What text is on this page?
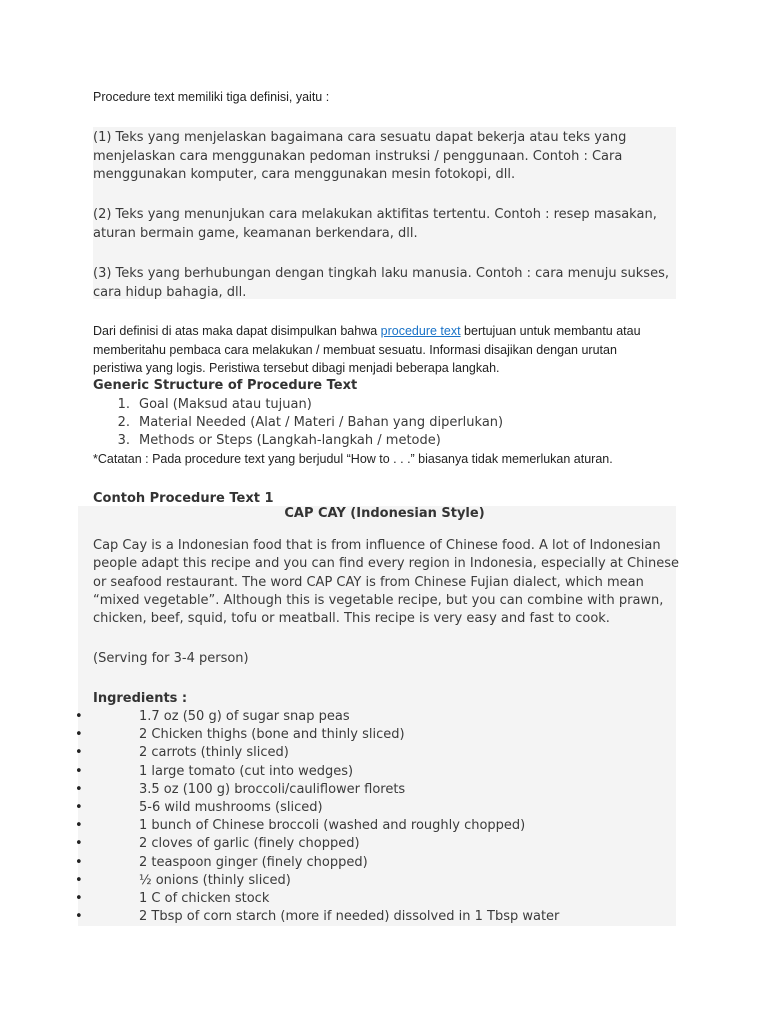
Procedure text memiliki tiga definisi, yaitu :
(1) Teks yang menjelaskan bagaimana cara sesuatu dapat bekerja atau teks yang
menjelaskan cara menggunakan pedoman instruksi / penggunaan. Contoh : Cara
menggunakan komputer, cara menggunakan mesin fotokopi, dll.
(2) Teks yang menunjukan cara melakukan aktifitas tertentu. Contoh : resep masakan,
aturan bermain game, keamanan berkendara, dll.
(3) Teks yang berhubungan dengan tingkah laku manusia. Contoh : cara menuju sukses,
cara hidup bahagia, dll.
Dari definisi di atas maka dapat disimpulkan bahwa procedure text bertujuan untuk membantu atau
memberitahu pembaca cara melakukan / membuat sesuatu. Informasi disajikan dengan urutan
peristiwa yang logis. Peristiwa tersebut dibagi menjadi beberapa langkah.
Generic Structure of Procedure Text
1. Goal (Maksud atau tujuan)
2. Material Needed (Alat / Materi / Bahan yang diperlukan)
3. Methods or Steps (Langkah-langkah / metode)
*Catatan : Pada procedure text yang berjudul “How to . . .” biasanya tidak memerlukan aturan.
Contoh Procedure Text 1
CAP CAY (Indonesian Style)
Cap Cay is a Indonesian food that is from influence of Chinese food. A lot of Indonesian
people adapt this recipe and you can find every region in Indonesia, especially at Chinese
or seafood restaurant. The word CAP CAY is from Chinese Fujian dialect, which mean
“mixed vegetable”. Although this is vegetable recipe, but you can combine with prawn,
chicken, beef, squid, tofu or meatball. This recipe is very easy and fast to cook.
(Serving for 3-4 person)
Ingredients :
•	1.7 oz (50 g) of sugar snap peas
•	2 Chicken thighs (bone and thinly sliced)
•	2 carrots (thinly sliced)
•	1 large tomato (cut into wedges)
•	3.5 oz (100 g) broccoli/cauliflower florets
•	5-6 wild mushrooms (sliced)
•	1 bunch of Chinese broccoli (washed and roughly chopped)
•	2 cloves of garlic (finely chopped)
•	2 teaspoon ginger (finely chopped)
•	½ onions (thinly sliced)
•	1 C of chicken stock
•	2 Tbsp of corn starch (more if needed) dissolved in 1 Tbsp water
